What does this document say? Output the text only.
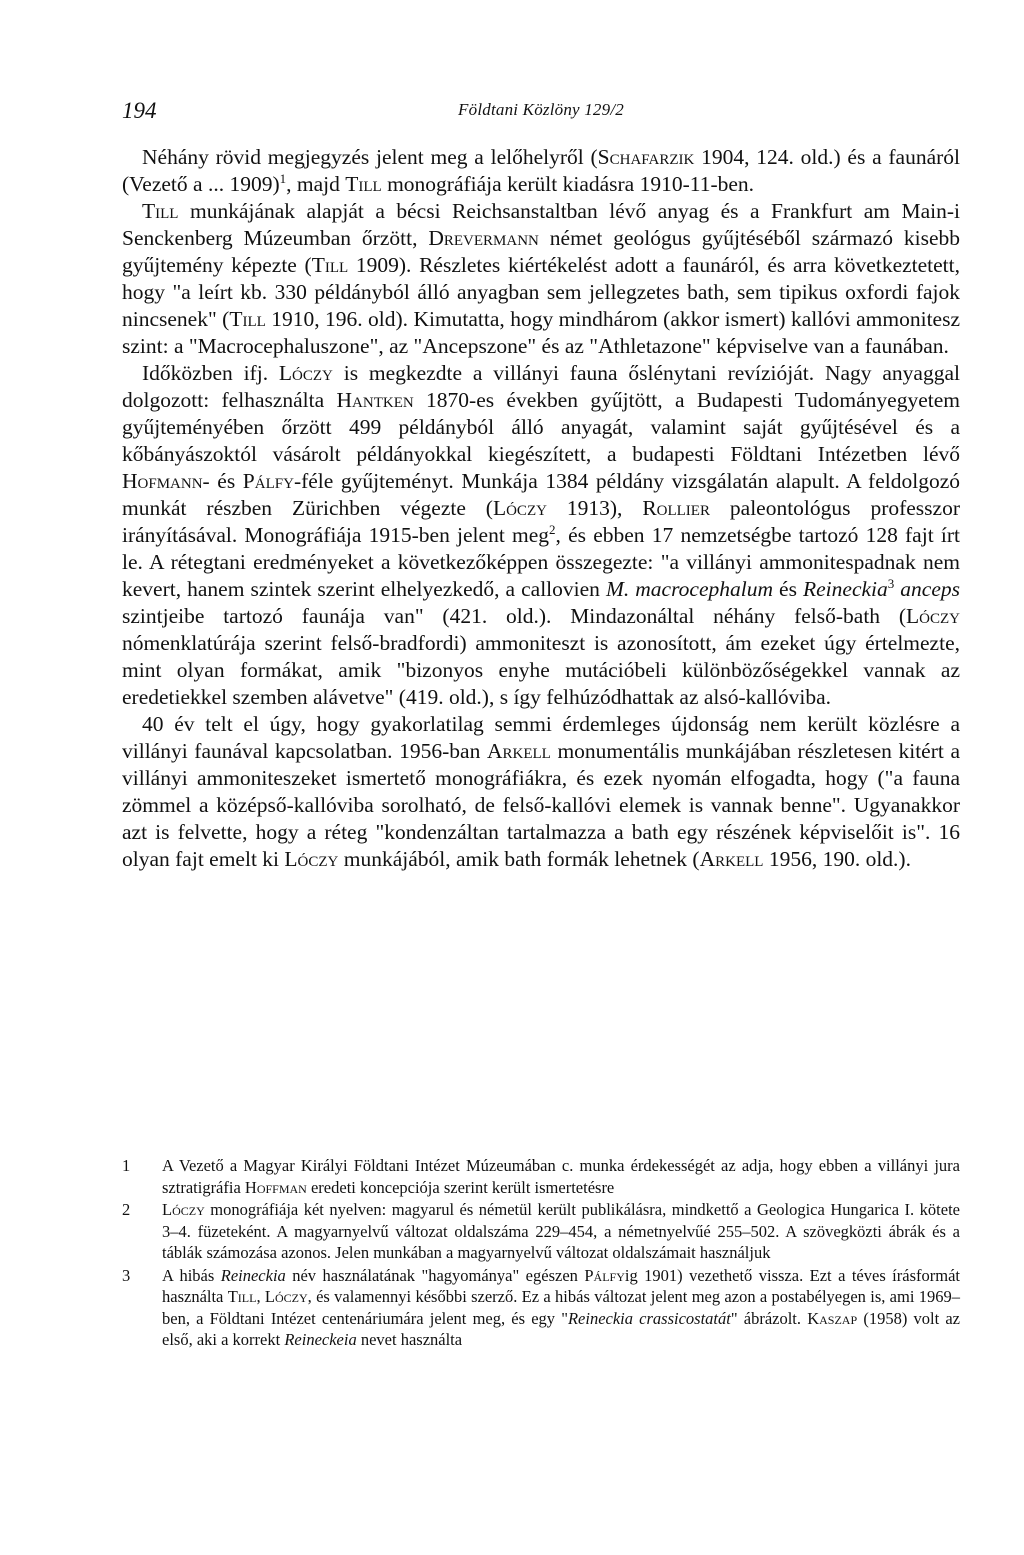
194	Földtani Közlöny 129/2

Néhány rövid megjegyzés jelent meg a lelőhelyről (Schafarzik 1904, 124. old.) és a faunáról (Vezető a ... 1909)$^1$, majd Till monográfiája került kiadásra 1910-11-ben.

Till munkájának alapját a bécsi Reichsanstaltban lévő anyag és a Frankfurt am Main-i Senckenberg Múzeumban őrzött, Drevermann német geológus gyűjtéséből származó kisebb gyűjtemény képezte (Till 1909). Részletes kiértékelést adott a faunáról, és arra következtetett, hogy "a leírt kb. 330 példányból álló anyagban sem jellegzetes bath, sem tipikus oxfordi fajok nincsenek" (Till 1910, 196. old). Kimutatta, hogy mindhárom (akkor ismert) kallóvi ammonitesz szint: a "Macrocephaluszone", az "Ancepszone" és az "Athletazone" képviselve van a faunában.

Időközben ifj. Lóczy is megkezdte a villányi fauna őslénytani revízióját. Nagy anyaggal dolgozott: felhasználta Hantken 1870-es években gyűjtött, a Budapesti Tudományegyetem gyűjteményében őrzött 499 példányból álló anyagát, valamint saját gyűjtésével és a kőbányászoktól vásárolt példányokkal kiegészített, a budapesti Földtani Intézetben lévő Hofmann- és Pálfy-féle gyűjteményt. Munkája 1384 példány vizsgálatán alapult. A feldolgozó munkát részben Zürichben végezte (Lóczy 1913), Rollier paleontológus professzor irányításával. Monográfiája 1915-ben jelent meg$^2$, és ebben 17 nemzetségbe tartozó 128 fajt írt le. A rétegtani eredményeket a következőképpen összegezte: "a villányi ammonitespadnak nem kevert, hanem szintek szerint elhelyezkedő, a callovien M. macrocephalum és Reineckia$^3$ anceps szintjeibe tartozó faunája van" (421. old.). Mindazonáltal néhány felső-bath (Lóczy nómenklatúrája szerint felső-bradfordi) ammoniteszt is azonosított, ám ezeket úgy értelmezte, mint olyan formákat, amik "bizonyos enyhe mutációbeli különbözőségekkel vannak az eredetiekkel szemben alávetve" (419. old.), s így felhúzódhattak az alsó-kallóviba.

40 év telt el úgy, hogy gyakorlatilag semmi érdemleges újdonság nem került közlésre a villányi faunával kapcsolatban. 1956-ban Arkell monumentális munkájában részletesen kitért a villányi ammoniteszeket ismertető monográfiákra, és ezek nyomán elfogadta, hogy ("a fauna zömmel a középső-kallóviba sorolható, de felső-kallóvi elemek is vannak benne". Ugyanakkor azt is felvette, hogy a réteg "kondenzáltan tartalmazza a bath egy részének képviselőit is". 16 olyan fajt emelt ki Lóczy munkájából, amik bath formák lehetnek (Arkell 1956, 190. old.).

1	A Vezető a Magyar Királyi Földtani Intézet Múzeumában c. munka érdekességét az adja, hogy ebben a villányi jura sztratigráfia Hoffman eredeti koncepciója szerint került ismertetésre
2	Lóczy monográfiája két nyelven: magyarul és németül került publikálásra, mindkettő a Geologica Hungarica I. kötete 3–4. füzeteként. A magyarnyelvű változat oldalszáma 229–454, a németnyelvűé 255–502. A szövegközti ábrák és a táblák számozása azonos. Jelen munkában a magyarnyelvű változat oldalszámait használjuk
3	A hibás Reineckia név használatának "hagyománya" egészen Pálfyig 1901) vezethető vissza. Ezt a téves írásformát használta Till, Lóczy, és valamennyi későbbi szerző. Ez a hibás változat jelent meg azon a postabélyegen is, ami 1969–ben, a Földtani Intézet centenáriumára jelent meg, és egy "Reineckia crassicostatát" ábrázolt. Kaszap (1958) volt az első, aki a korrekt Reineckeia nevet használta
